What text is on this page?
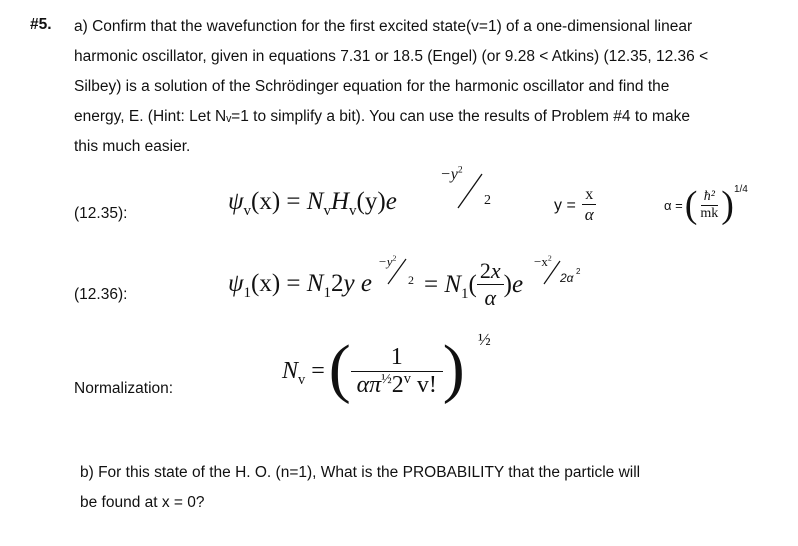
#5. a) Confirm that the wavefunction for the first excited state(v=1) of a one-dimensional linear
harmonic oscillator, given in equations 7.31 or 18.5 (Engel) (or 9.28 < Atkins) (12.35, 12.36 <
Silbey) is a solution of the Schrödinger equation for the harmonic oscillator and find the
energy, E. (Hint: Let Nᵥ=1 to simplify a bit). You can use the results of Problem #4 to make
this much easier.
(12.35):	$\psi_v(x) = N_vH_v(y)e$
$-y^2$
2	$y = \frac{x}{\alpha}$	α = ( $\frac{\text{ħ²}}{mk}$ ) 1/4
(12.36):	$\psi_1(x) = N_12y$ e
$-y^2$
$2 = N_1( \frac{2x}{\alpha} )e$
$-x^2$
2α 2
Normalization:
$N_v$ = ( $\frac{1}{\alpha\pi^{\frac{1}{2}}2^v v!}$ ) ½
b) For this state of the H. O. (n=1), What is the PROBABILITY that the particle will
be found at x = 0?
